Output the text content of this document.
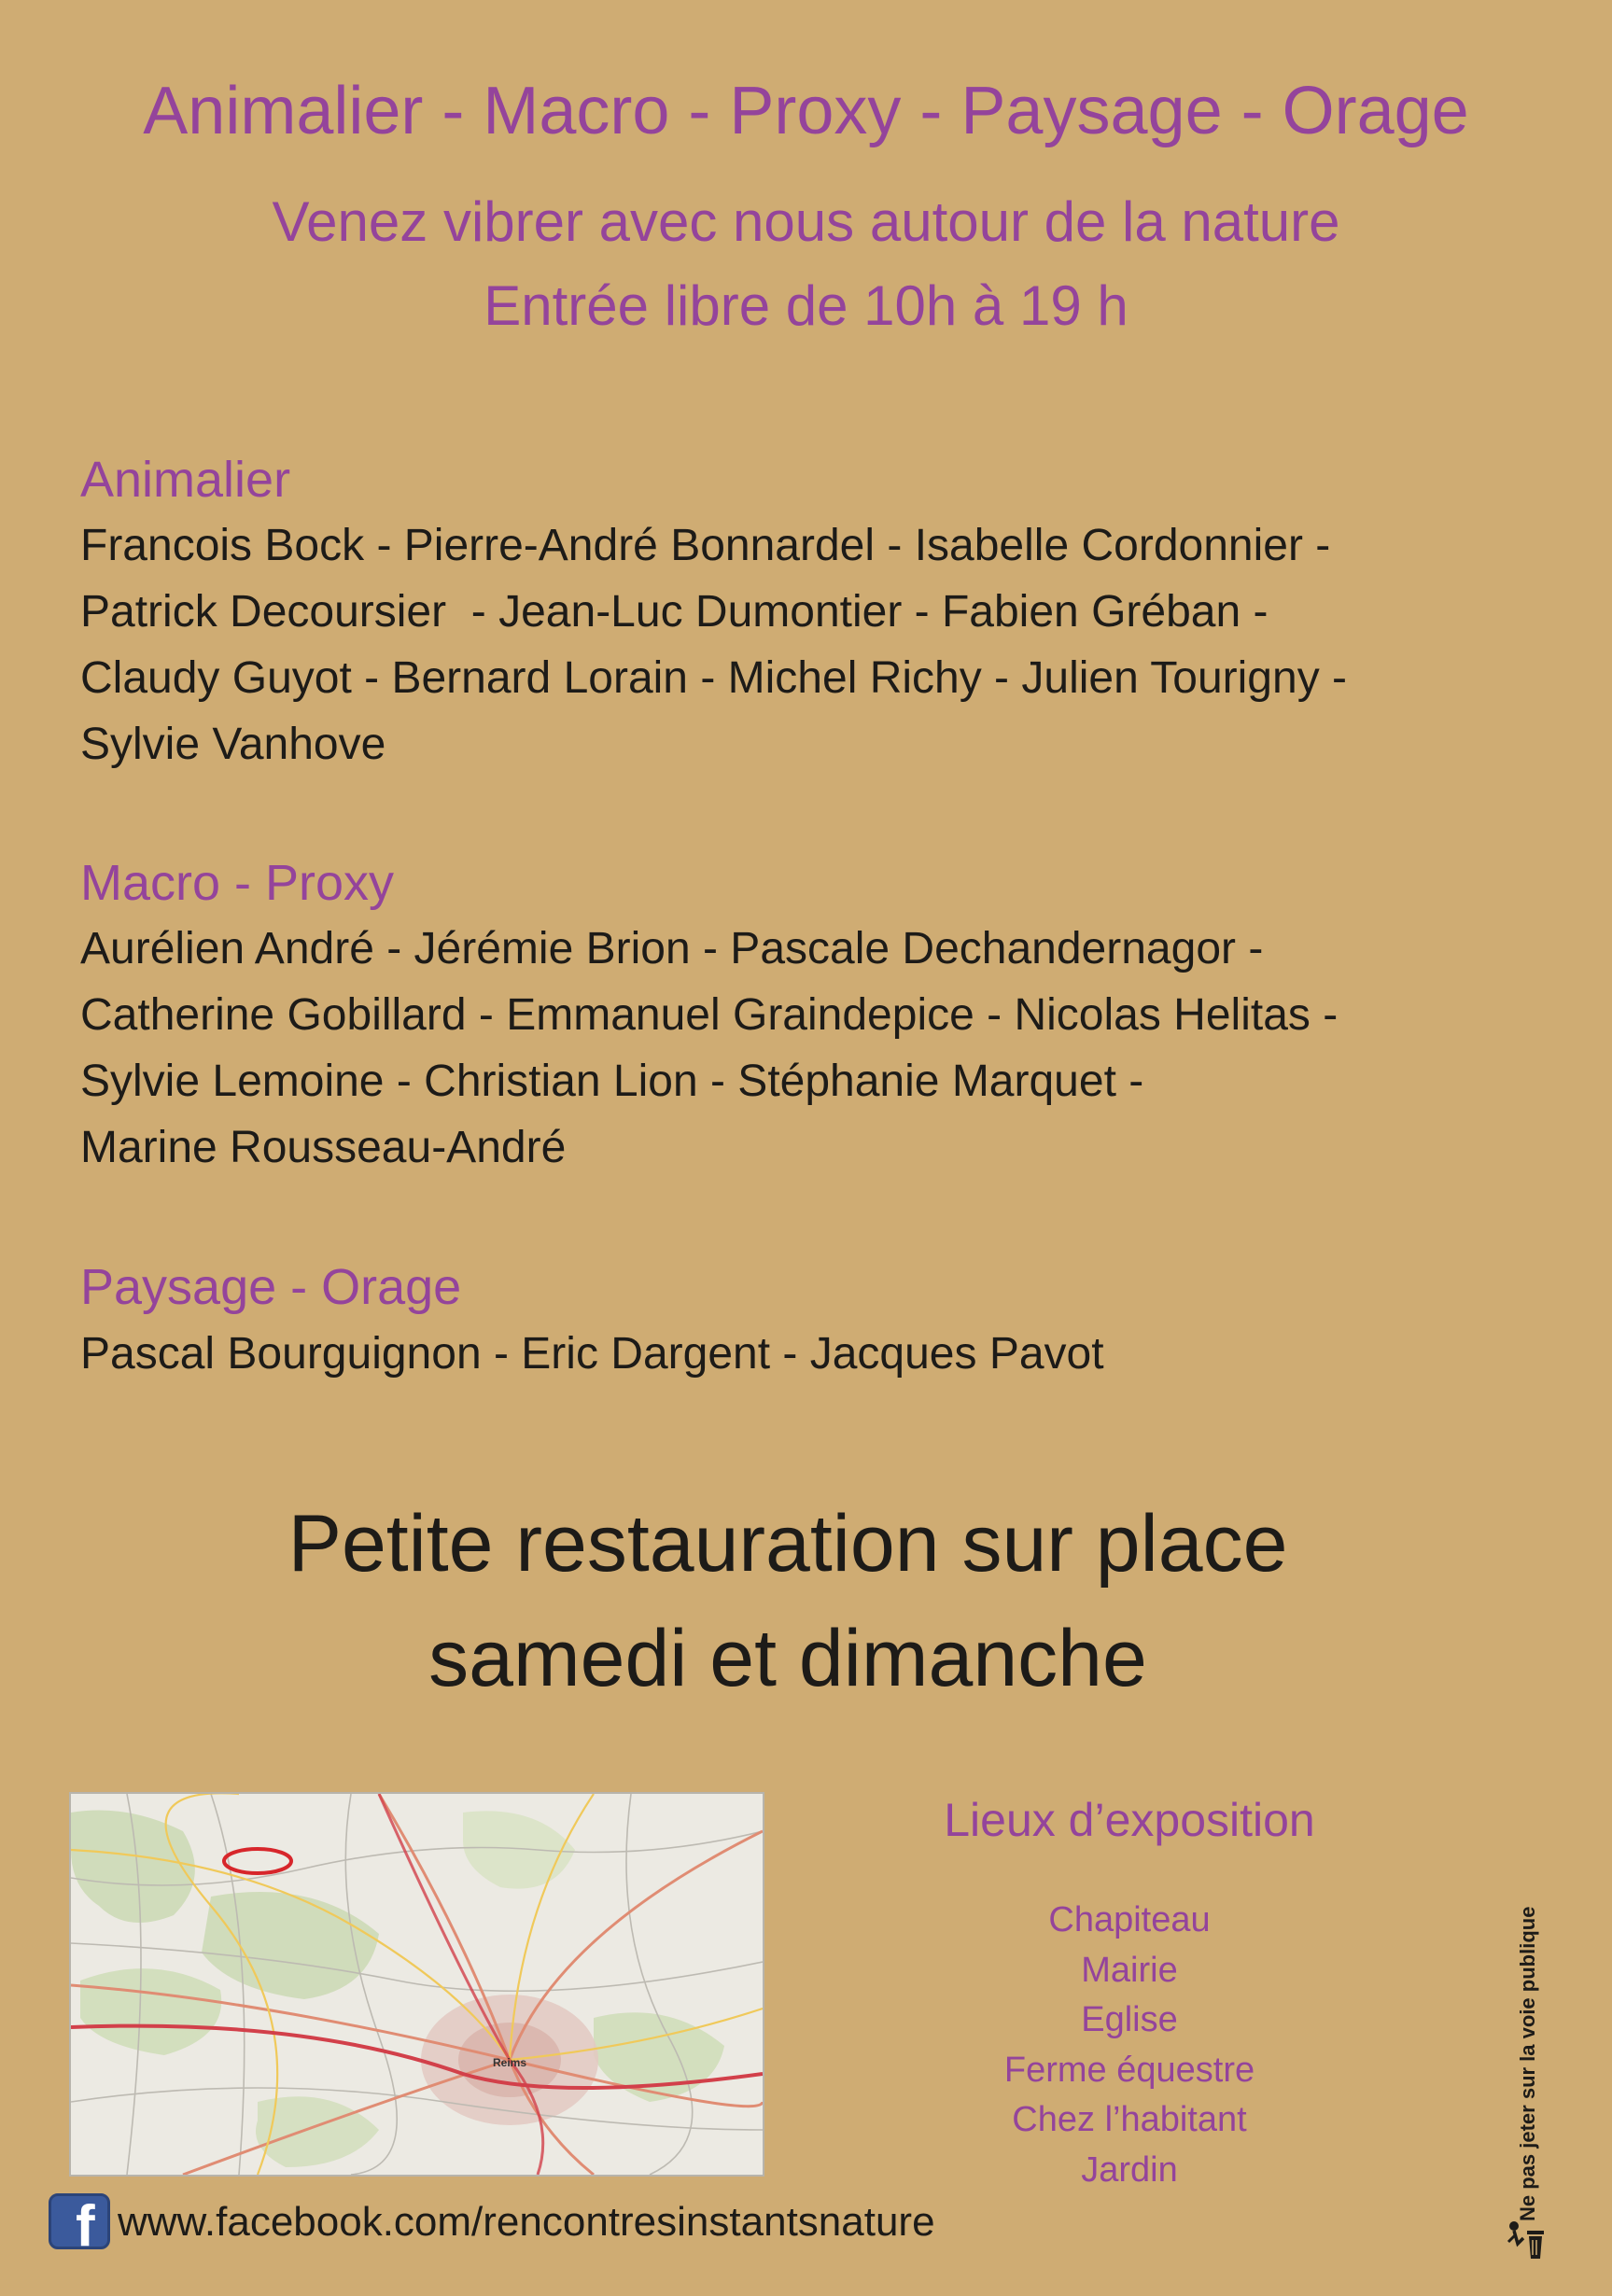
Animalier - Macro - Proxy - Paysage - Orage
Venez vibrer avec nous autour de la nature
Entrée libre de 10h à 19 h
Animalier
Francois Bock - Pierre-André Bonnardel - Isabelle Cordonnier -
Patrick Decoursier  - Jean-Luc Dumontier - Fabien Gréban -
Claudy Guyot - Bernard Lorain - Michel Richy - Julien Tourigny -
Sylvie Vanhove
Macro - Proxy
Aurélien André - Jérémie Brion - Pascale Dechandernagor -
Catherine Gobillard - Emmanuel Graindepice - Nicolas Helitas -
Sylvie Lemoine - Christian Lion - Stéphanie Marquet -
Marine Rousseau-André
Paysage - Orage
Pascal Bourguignon - Eric Dargent - Jacques Pavot
Petite restauration sur place
samedi et dimanche
Reims
Lieux d’exposition
Chapiteau
Mairie
Eglise
Ferme équestre
Chez l’habitant
Jardin
f www.facebook.com/rencontresinstantsnature
Ne pas jeter sur la voie publique
